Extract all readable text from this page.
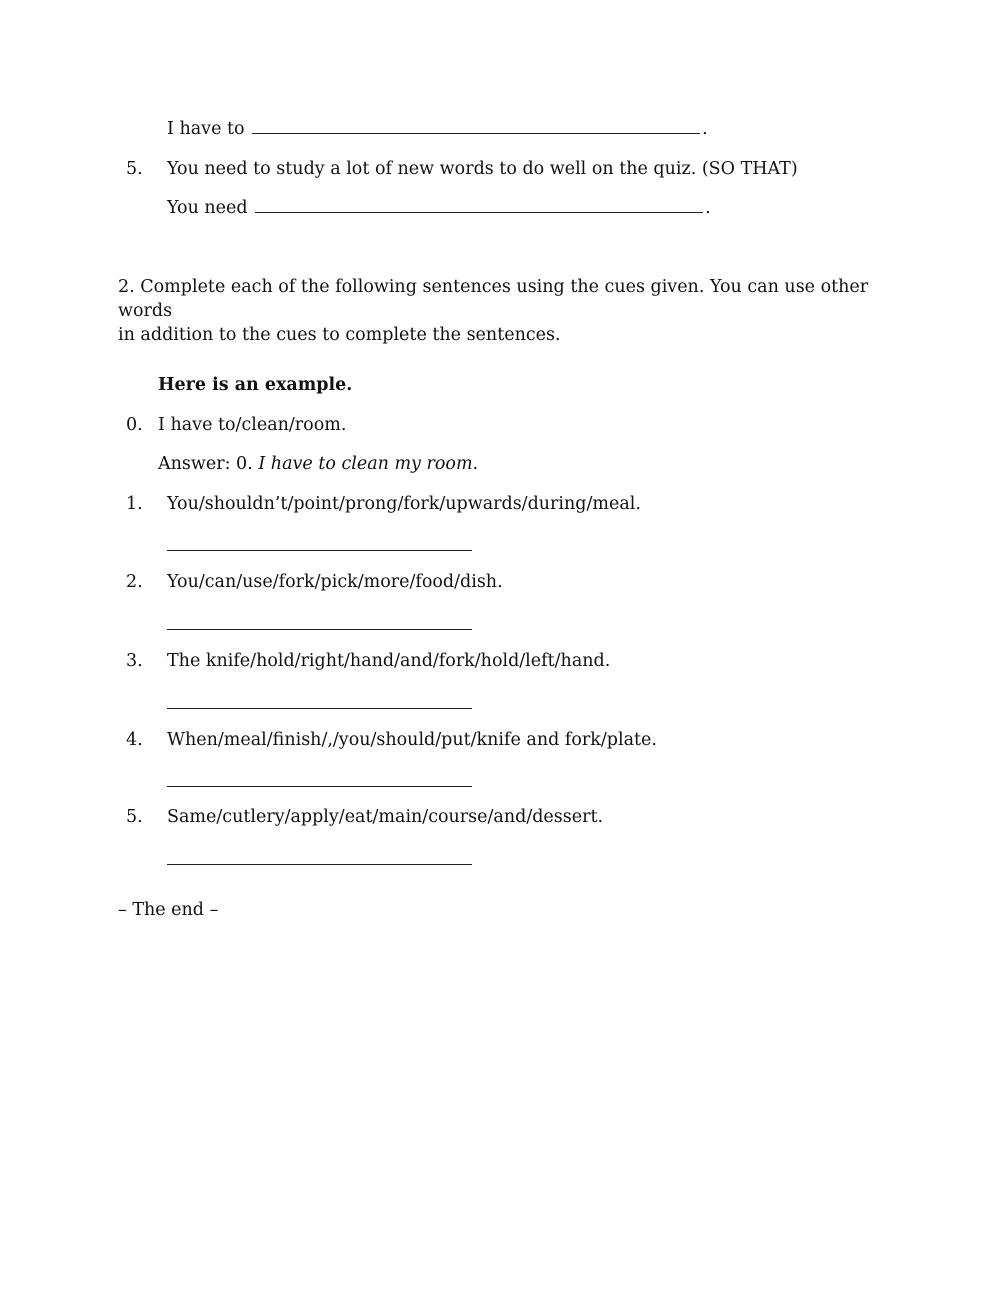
I have to	.
5.	You need to study a lot of new words to do well on the quiz. (SO THAT)
You need	.
2. Complete each of the following sentences using the cues given. You can use other words
in addition to the cues to complete the sentences.
Here is an example.
0. I have to/clean/room.
Answer: 0. I have to clean my room.
1.	You/shouldn’t/point/prong/fork/upwards/during/meal.
2.	You/can/use/fork/pick/more/food/dish.
3.	The knife/hold/right/hand/and/fork/hold/left/hand.
4.	When/meal/finish/,/you/should/put/knife and fork/plate.
5.	Same/cutlery/apply/eat/main/course/and/dessert.
– The end –
